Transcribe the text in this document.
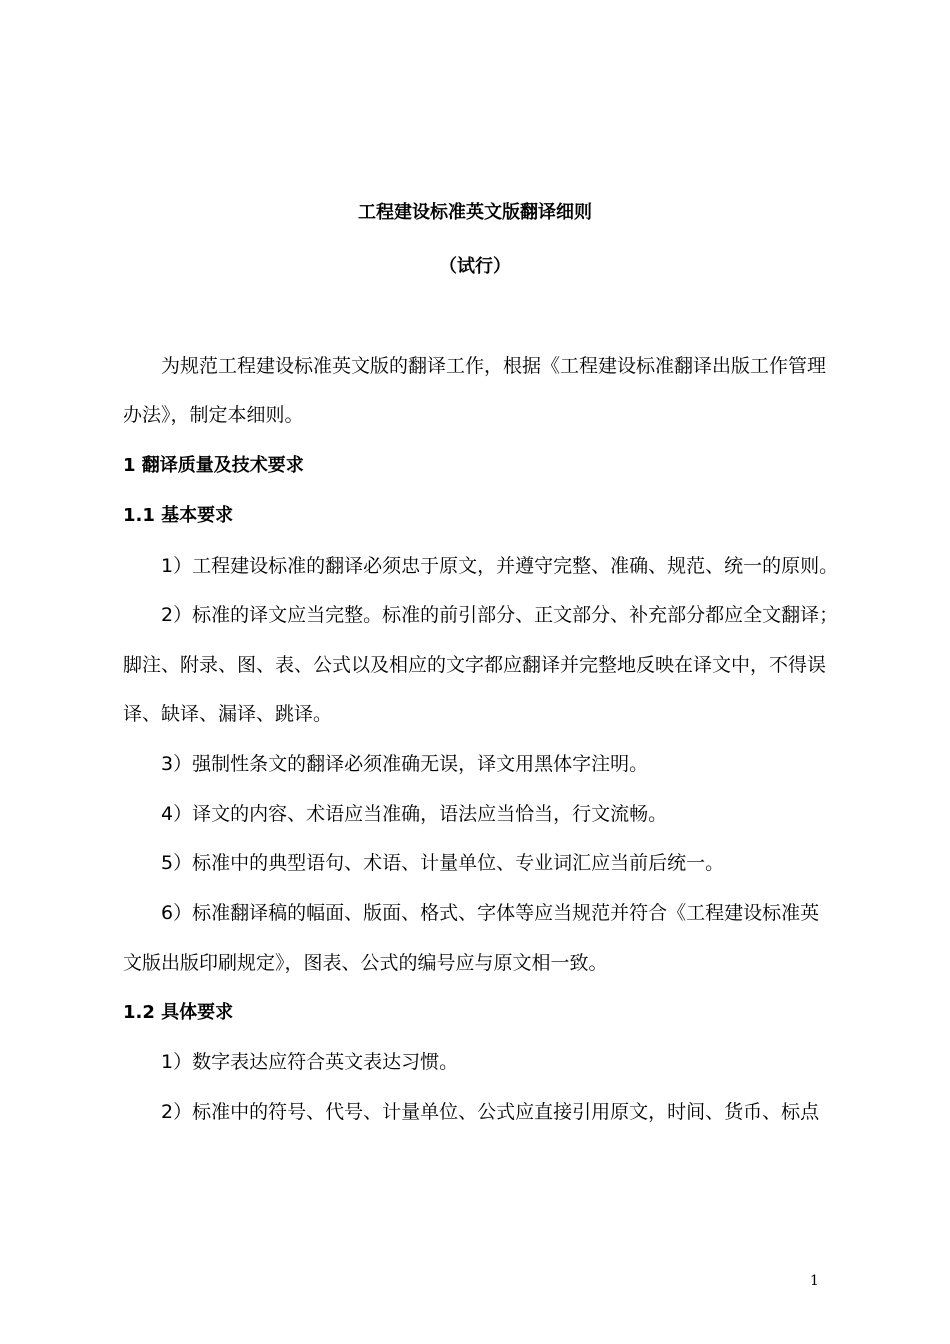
工程建设标准英文版翻译细则
（试行）
为规范工程建设标准英文版的翻译工作，根据《工程建设标准翻译出版工作管理
办法》，制定本细则。
1 翻译质量及技术要求
1.1 基本要求
1）工程建设标准的翻译必须忠于原文，并遵守完整、准确、规范、统一的原则。
2）标准的译文应当完整。标准的前引部分、正文部分、补充部分都应全文翻译；
脚注、附录、图、表、公式以及相应的文字都应翻译并完整地反映在译文中，不得误
译、缺译、漏译、跳译。
3）强制性条文的翻译必须准确无误，译文用黑体字注明。
4）译文的内容、术语应当准确，语法应当恰当，行文流畅。
5）标准中的典型语句、术语、计量单位、专业词汇应当前后统一。
6）标准翻译稿的幅面、版面、格式、字体等应当规范并符合《工程建设标准英
文版出版印刷规定》，图表、公式的编号应与原文相一致。
1.2 具体要求
1）数字表达应符合英文表达习惯。
2）标准中的符号、代号、计量单位、公式应直接引用原文，时间、货币、标点
1
